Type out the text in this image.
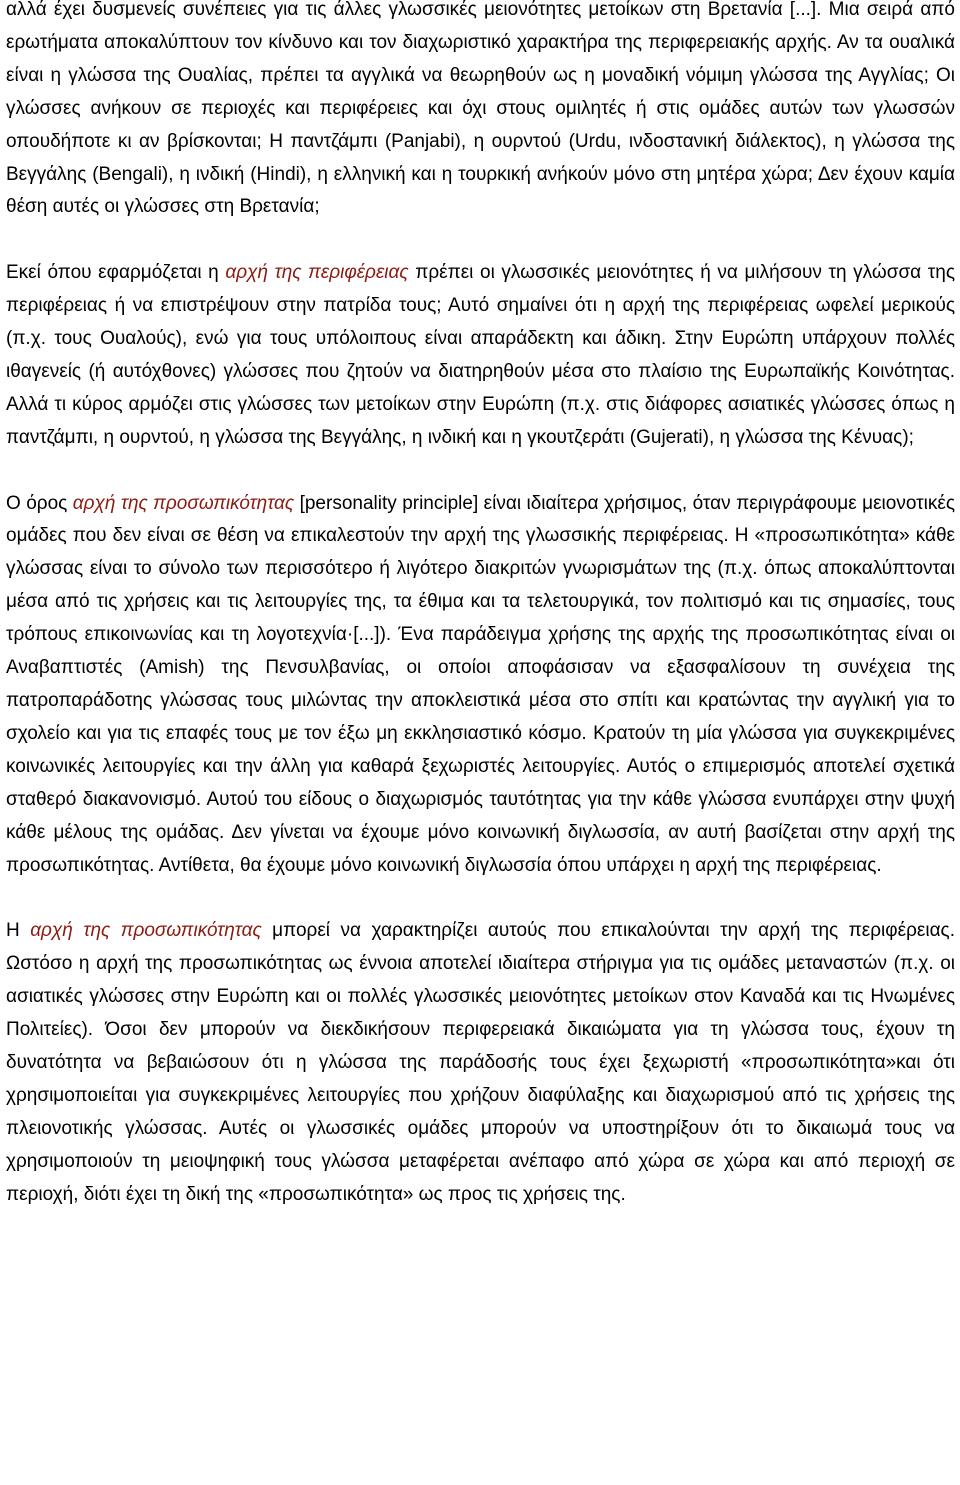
αλλά έχει δυσμενείς συνέπειες για τις άλλες γλωσσικές μειονότητες μετοίκων στη Βρετανία [...]. Μια σειρά από ερωτήματα αποκαλύπτουν τον κίνδυνο και τον διαχωριστικό χαρακτήρα της περιφερειακής αρχής. Αν τα ουαλικά είναι η γλώσσα της Ουαλίας, πρέπει τα αγγλικά να θεωρηθούν ως η μοναδική νόμιμη γλώσσα της Αγγλίας; Οι γλώσσες ανήκουν σε περιοχές και περιφέρειες και όχι στους ομιλητές ή στις ομάδες αυτών των γλωσσών οπουδήποτε κι αν βρίσκονται; Η παντζάμπι (Panjabi), η ουρντού (Urdu, ινδοστανική διάλεκτος), η γλώσσα της Βεγγάλης (Bengali), η ινδική (Hindi), η ελληνική και η τουρκική ανήκούν μόνο στη μητέρα χώρα; Δεν έχουν καμία θέση αυτές οι γλώσσες στη Βρετανία;

Εκεί όπου εφαρμόζεται η αρχή της περιφέρειας πρέπει οι γλωσσικές μειονότητες ή να μιλήσουν τη γλώσσα της περιφέρειας ή να επιστρέψουν στην πατρίδα τους; Αυτό σημαίνει ότι η αρχή της περιφέρειας ωφελεί μερικούς (π.χ. τους Ουαλούς), ενώ για τους υπόλοιπους είναι απαράδεκτη και άδικη. Στην Ευρώπη υπάρχουν πολλές ιθαγενείς (ή αυτόχθονες) γλώσσες που ζητούν να διατηρηθούν μέσα στο πλαίσιο της Ευρωπαϊκής Κοινότητας. Αλλά τι κύρος αρμόζει στις γλώσσες των μετοίκων στην Ευρώπη (π.χ. στις διάφορες ασιατικές γλώσσες όπως η παντζάμπι, η ουρντού, η γλώσσα της Βεγγάλης, η ινδική και η γκουτζεράτι (Gujerati), η γλώσσα της Κένυας);

Ο όρος αρχή της προσωπικότητας [personality principle] είναι ιδιαίτερα χρήσιμος, όταν περιγράφουμε μειονοτικές ομάδες που δεν είναι σε θέση να επικαλεστούν την αρχή της γλωσσικής περιφέρειας. Η «προσωπικότητα» κάθε γλώσσας είναι το σύνολο των περισσότερο ή λιγότερο διακριτών γνωρισμάτων της (π.χ. όπως αποκαλύπτονται μέσα από τις χρήσεις και τις λειτουργίες της, τα έθιμα και τα τελετουργικά, τον πολιτισμό και τις σημασίες, τους τρόπους επικοινωνίας και τη λογοτεχνία·[...]). Ένα παράδειγμα χρήσης της αρχής της προσωπικότητας είναι οι Αναβαπτιστές (Amish) της Πενσυλβανίας, οι οποίοι αποφάσισαν να εξασφαλίσουν τη συνέχεια της πατροπαράδοτης γλώσσας τους μιλώντας την αποκλειστικά μέσα στο σπίτι και κρατώντας την αγγλική για το σχολείο και για τις επαφές τους με τον έξω μη εκκλησιαστικό κόσμο. Κρατούν τη μία γλώσσα για συγκεκριμένες κοινωνικές λειτουργίες και την άλλη για καθαρά ξεχωριστές λειτουργίες. Αυτός ο επιμερισμός αποτελεί σχετικά σταθερό διακανονισμό. Αυτού του είδους ο διαχωρισμός ταυτότητας για την κάθε γλώσσα ενυπάρχει στην ψυχή κάθε μέλους της ομάδας. Δεν γίνεται να έχουμε μόνο κοινωνική διγλωσσία, αν αυτή βασίζεται στην αρχή της προσωπικότητας. Αντίθετα, θα έχουμε μόνο κοινωνική διγλωσσία όπου υπάρχει η αρχή της περιφέρειας.

Η αρχή της προσωπικότητας μπορεί να χαρακτηρίζει αυτούς που επικαλούνται την αρχή της περιφέρειας. Ωστόσο η αρχή της προσωπικότητας ως έννοια αποτελεί ιδιαίτερα στήριγμα για τις ομάδες μεταναστών (π.χ. οι ασιατικές γλώσσες στην Ευρώπη και οι πολλές γλωσσικές μειονότητες μετοίκων στον Καναδά και τις Ηνωμένες Πολιτείες). Όσοι δεν μπορούν να διεκδικήσουν περιφερειακά δικαιώματα για τη γλώσσα τους, έχουν τη δυνατότητα να βεβαιώσουν ότι η γλώσσα της παράδοσής τους έχει ξεχωριστή «προσωπικότητα»και ότι χρησιμοποιείται για συγκεκριμένες λειτουργίες που χρήζουν διαφύλαξης και διαχωρισμού από τις χρήσεις της πλειονοτικής γλώσσας. Αυτές οι γλωσσικές ομάδες μπορούν να υποστηρίξουν ότι το δικαιωμά τους να χρησιμοποιούν τη μειοψηφική τους γλώσσα μεταφέρεται ανέπαφο από χώρα σε χώρα και από περιοχή σε περιοχή, διότι έχει τη δική της «προσωπικότητα» ως προς τις χρήσεις της.
